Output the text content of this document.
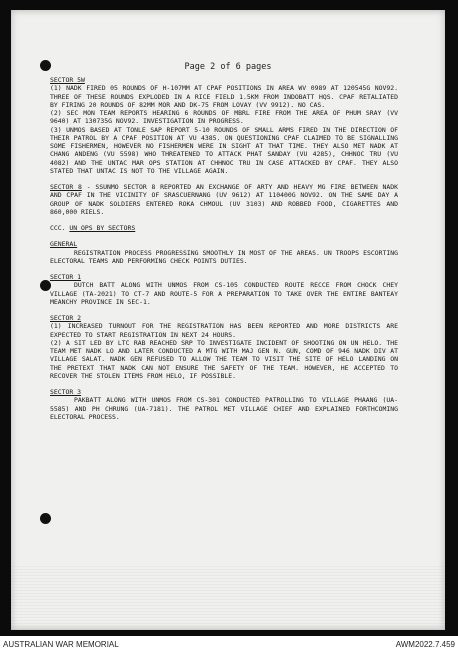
Page 2 of 6 pages

SECTOR 5W

(1) NADK FIRED 05 ROUNDS OF H-107MM AT CPAF POSITIONS IN AREA WV 0989 AT 120545G NOV92. THREE OF THESE ROUNDS EXPLODED IN A RICE FIELD 1.5KM FROM INDOBATT HQS. CPAF RETALIATED BY FIRING 20 ROUNDS OF 82MM MOR AND DK-75 FROM LOVAY (VV 9912). NO CAS.

(2) SEC MON TEAM REPORTS HEARING 6 ROUNDS OF MBRL FIRE FROM THE AREA OF PHUM SRAY (VV 9640) AT 130735G NOV92. INVESTIGATION IN PROGRESS.

(3) UNMOS BASED AT TONLE SAP REPORT 5-10 ROUNDS OF SMALL ARMS FIRED IN THE DIRECTION OF THEIR PATROL BY A CPAF POSITION AT VU 4385. ON QUESTIONING CPAF CLAIMED TO BE SIGNALLING SOME FISHERMEN, HOWEVER NO FISHERMEN WERE IN SIGHT AT THAT TIME. THEY ALSO MET NADK AT CHANG ANDENG (VU 5598) WHO THREATENED TO ATTACK PHAT SANDAY (VU 4285), CHHNOC TRU (VU 4082) AND THE UNTAC MAR OPS STATION AT CHHNOC TRU IN CASE ATTACKED BY CPAF. THEY ALSO STATED THAT UNTAC IS NOT TO THE VILLAGE AGAIN.

SECTOR 8 - SSUNMO SECTOR 8 REPORTED AN EXCHANGE OF ARTY AND HEAVY MG FIRE BETWEEN NADK AND CPAF IN THE VICINITY OF SRASCUERNANG (UV 9612) AT 110400G NOV92. ON THE SAME DAY A GROUP OF NADK SOLDIERS ENTERED ROKA CHMOUL (UV 3103) AND ROBBED FOOD, CIGARETTES AND 860,000 RIELS.

CCC. UN OPS BY SECTORS

GENERAL

REGISTRATION PROCESS PROGRESSING SMOOTHLY IN MOST OF THE AREAS. UN TROOPS ESCORTING ELECTORAL TEAMS AND PERFORMING CHECK POINTS DUTIES.

SECTOR 1

DUTCH BATT ALONG WITH UNMOS FROM CS-105 CONDUCTED ROUTE RECCE FROM CHOCK CHEY VILLAGE (TA-2021) TO CT-7 AND ROUTE-5 FOR A PREPARATION TO TAKE OVER THE ENTIRE BANTEAY MEANCHY PROVINCE IN SEC-1.

SECTOR 2

(1) INCREASED TURNOUT FOR THE REGISTRATION HAS BEEN REPORTED AND MORE DISTRICTS ARE EXPECTED TO START REGISTRATION IN NEXT 24 HOURS.

(2) A SIT LED BY LTC RAB REACHED SRP TO INVESTIGATE INCIDENT OF SHOOTING ON UN HELO. THE TEAM MET NADK LO AND LATER CONDUCTED A MTG WITH MAJ GEN N. GUN, COMD OF 946 NADK DIV AT VILLAGE SALAT. NADK GEN REFUSED TO ALLOW THE TEAM TO VISIT THE SITE OF HELO LANDING ON THE PRETEXT THAT NADK CAN NOT ENSURE THE SAFETY OF THE TEAM. HOWEVER, HE ACCEPTED TO RECOVER THE STOLEN ITEMS FROM HELO, IF POSSIBLE.

SECTOR 3

PAKBATT ALONG WITH UNMOS FROM CS-301 CONDUCTED PATROLLING TO VILLAGE PHAANG (UA-5585) AND PH CHRUNG (UA-7181). THE PATROL MET VILLAGE CHIEF AND EXPLAINED FORTHCOMING ELECTORAL PROCESS.

AUSTRALIAN WAR MEMORIAL	AWM2022.7.459
